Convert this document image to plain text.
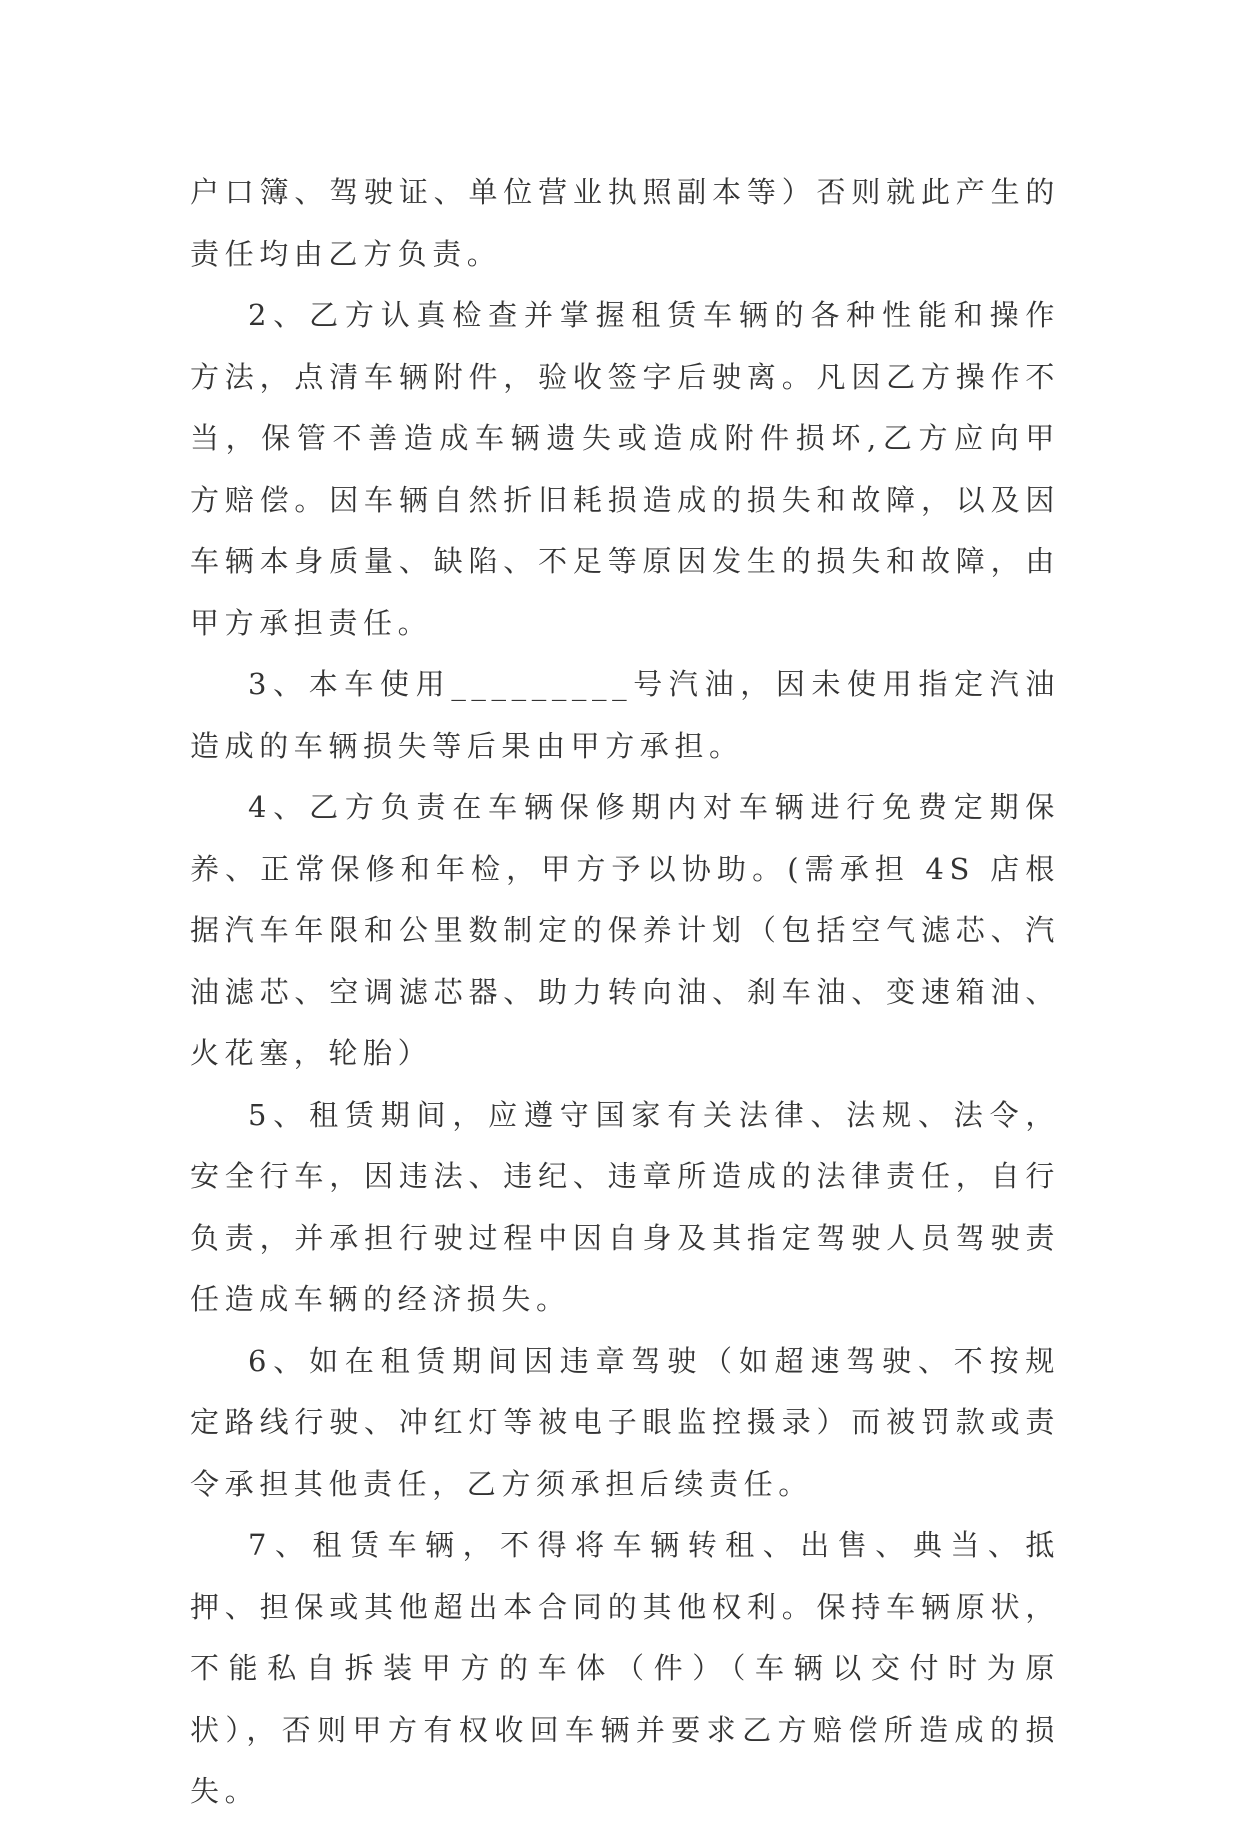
户口簿、驾驶证、单位营业执照副本等）否则就此产生的责任均由乙方负责。

2、乙方认真检查并掌握租赁车辆的各种性能和操作方法，点清车辆附件，验收签字后驶离。凡因乙方操作不当，保管不善造成车辆遗失或造成附件损坏,乙方应向甲方赔偿。因车辆自然折旧耗损造成的损失和故障，以及因车辆本身质量、缺陷、不足等原因发生的损失和故障，由甲方承担责任。

3、本车使用_________号汽油，因未使用指定汽油造成的车辆损失等后果由甲方承担。

4、乙方负责在车辆保修期内对车辆进行免费定期保养、正常保修和年检，甲方予以协助。(需承担 4S 店根据汽车年限和公里数制定的保养计划（包括空气滤芯、汽油滤芯、空调滤芯器、助力转向油、刹车油、变速箱油、火花塞，轮胎）

5、租赁期间，应遵守国家有关法律、法规、法令，安全行车，因违法、违纪、违章所造成的法律责任，自行负责，并承担行驶过程中因自身及其指定驾驶人员驾驶责任造成车辆的经济损失。

6、如在租赁期间因违章驾驶（如超速驾驶、不按规定路线行驶、冲红灯等被电子眼监控摄录）而被罚款或责令承担其他责任，乙方须承担后续责任。

7、租赁车辆，不得将车辆转租、出售、典当、抵押、担保或其他超出本合同的其他权利。保持车辆原状，不能私自拆装甲方的车体（件）（车辆以交付时为原状），否则甲方有权收回车辆并要求乙方赔偿所造成的损失。
